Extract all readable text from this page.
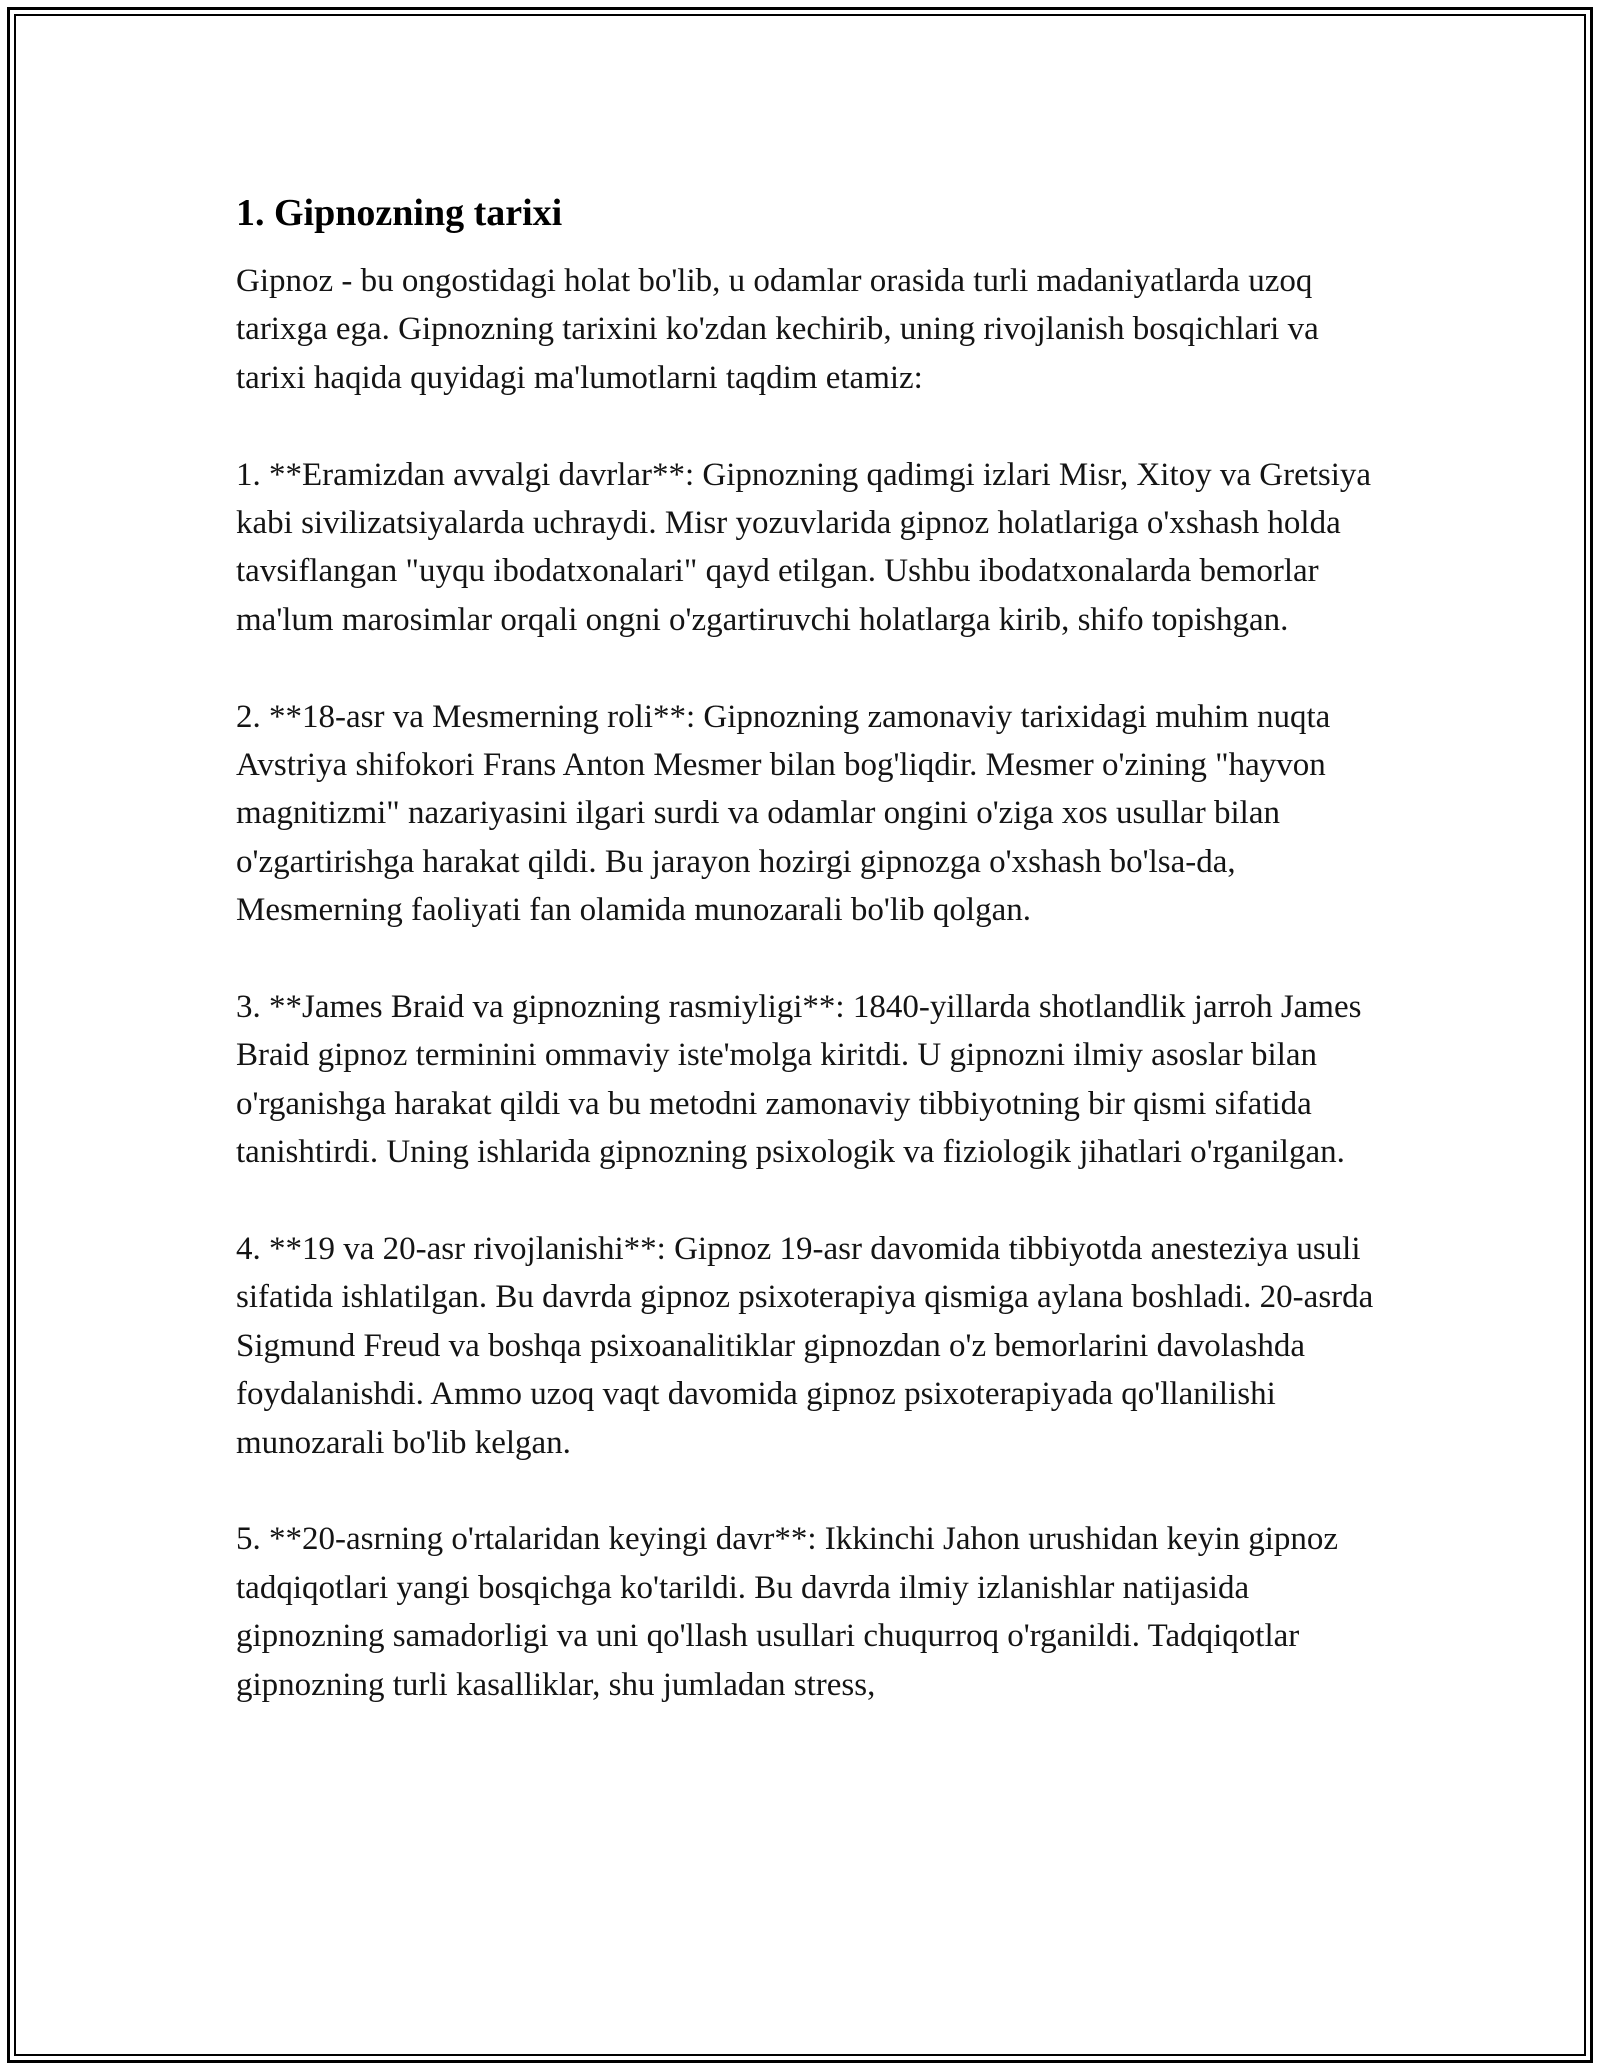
1. Gipnozning tarixi

Gipnoz - bu ongostidagi holat bo'lib, u odamlar orasida turli madaniyatlarda uzoq tarixga ega. Gipnozning tarixini ko'zdan kechirib, uning rivojlanish bosqichlari va tarixi haqida quyidagi ma'lumotlarni taqdim etamiz:

1. **Eramizdan avvalgi davrlar**: Gipnozning qadimgi izlari Misr, Xitoy va Gretsiya kabi sivilizatsiyalarda uchraydi. Misr yozuvlarida gipnoz holatlariga o'xshash holda tavsiflangan "uyqu ibodatxonalari" qayd etilgan. Ushbu ibodatxonalarda bemorlar ma'lum marosimlar orqali ongni o'zgartiruvchi holatlarga kirib, shifo topishgan.

2. **18-asr va Mesmerning roli**: Gipnozning zamonaviy tarixidagi muhim nuqta Avstriya shifokori Frans Anton Mesmer bilan bog'liqdir. Mesmer o'zining "hayvon magnitizmi" nazariyasini ilgari surdi va odamlar ongini o'ziga xos usullar bilan o'zgartirishga harakat qildi. Bu jarayon hozirgi gipnozga o'xshash bo'lsa-da, Mesmerning faoliyati fan olamida munozarali bo'lib qolgan.

3. **James Braid va gipnozning rasmiyligi**: 1840-yillarda shotlandlik jarroh James Braid gipnoz terminini ommaviy iste'molga kiritdi. U gipnozni ilmiy asoslar bilan o'rganishga harakat qildi va bu metodni zamonaviy tibbiyotning bir qismi sifatida tanishtirdi. Uning ishlarida gipnozning psixologik va fiziologik jihatlari o'rganilgan.

4. **19 va 20-asr rivojlanishi**: Gipnoz 19-asr davomida tibbiyotda anesteziya usuli sifatida ishlatilgan. Bu davrda gipnoz psixoterapiya qismiga aylana boshladi. 20-asrda Sigmund Freud va boshqa psixoanalitiklar gipnozdan o'z bemorlarini davolashda foydalanishdi. Ammo uzoq vaqt davomida gipnoz psixoterapiyada qo'llanilishi munozarali bo'lib kelgan.

5. **20-asrning o'rtalaridan keyingi davr**: Ikkinchi Jahon urushidan keyin gipnoz tadqiqotlari yangi bosqichga ko'tarildi. Bu davrda ilmiy izlanishlar natijasida gipnozning samadorligi va uni qo'llash usullari chuqurroq o'rganildi. Tadqiqotlar gipnozning turli kasalliklar, shu jumladan stress,
